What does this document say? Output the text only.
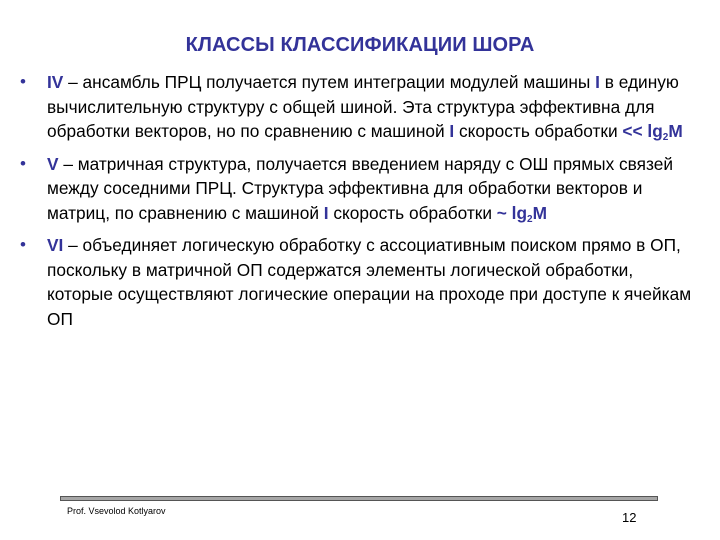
КЛАССЫ КЛАССИФИКАЦИИ ШОРА
• IV – ансамбль ПРЦ получается путем интеграции модулей машины I в единую вычислительную структуру с общей шиной. Эта структура эффективна для обработки векторов, но по сравнению с машиной I скорость обработки << $\lg_2M$
• V – матричная структура, получается введением наряду с ОШ прямых связей между соседними ПРЦ. Структура эффективна для обработки векторов и матриц, по сравнению с машиной I скорость обработки ~ $\lg_2M$
• VI – объединяет логическую обработку с ассоциативным поиском прямо в ОП, поскольку в матричной ОП содержатся элементы логической обработки, которые осуществляют логические операции на проходе при доступе к ячейкам ОП
Prof. Vsevolod Kotlyarov	12
